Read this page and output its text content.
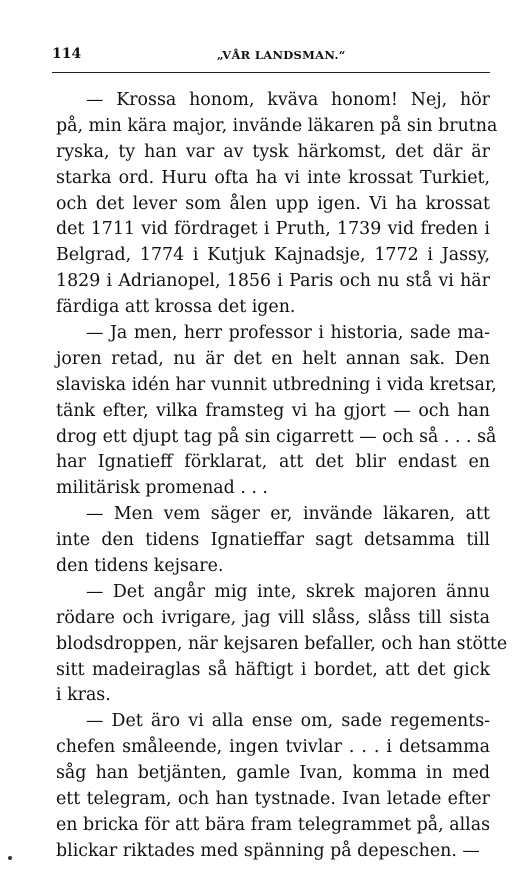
114	„VÅR LANDSMAN.“
— Krossa honom, kväva honom! Nej, hör
på, min kära major, invände läkaren på sin brutna
ryska, ty han var av tysk härkomst, det där är
starka ord. Huru ofta ha vi inte krossat Turkiet,
och det lever som ålen upp igen. Vi ha krossat
det 1711 vid fördraget i Pruth, 1739 vid freden i
Belgrad, 1774 i Kutjuk Kajnadsje, 1772 i Jassy,
1829 i Adrianopel, 1856 i Paris och nu stå vi här
färdiga att krossa det igen.
— Ja men, herr professor i historia, sade ma-
joren retad, nu är det en helt annan sak. Den
slaviska idén har vunnit utbredning i vida kretsar,
tänk efter, vilka framsteg vi ha gjort — och han
drog ett djupt tag på sin cigarrett — och så . . . så
har Ignatieff förklarat, att det blir endast en
militärisk promenad . . .
— Men vem säger er, invände läkaren, att
inte den tidens Ignatieffar sagt detsamma till
den tidens kejsare.
— Det angår mig inte, skrek majoren ännu
rödare och ivrigare, jag vill slåss, slåss till sista
blodsdroppen, när kejsaren befaller, och han stötte
sitt madeiraglas så häftigt i bordet, att det gick
i kras.
— Det äro vi alla ense om, sade regements-
chefen småleende, ingen tvivlar . . . i detsamma
såg han betjänten, gamle Ivan, komma in med
ett telegram, och han tystnade. Ivan letade efter
en bricka för att bära fram telegrammet på, allas
blickar riktades med spänning på depeschen. —
